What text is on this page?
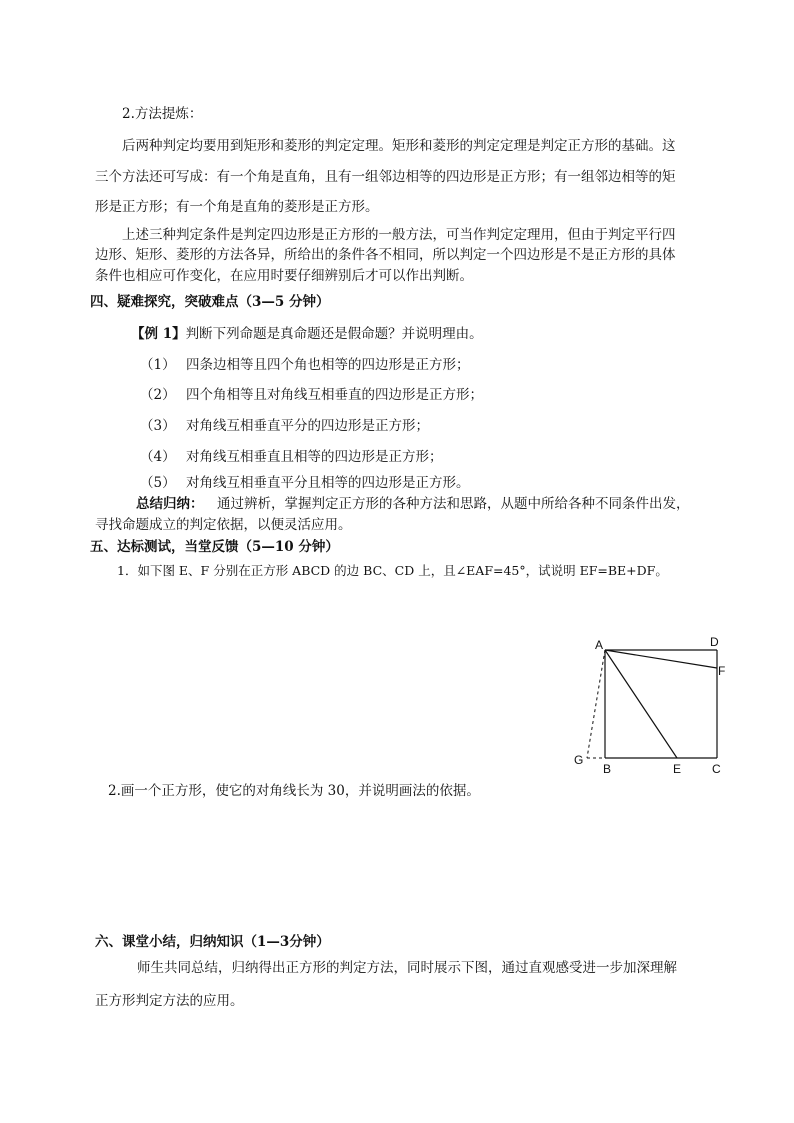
2.方法提炼：
后两种判定均要用到矩形和菱形的判定定理。矩形和菱形的判定定理是判定正方形的基础。这
三个方法还可写成：有一个角是直角，且有一组邻边相等的四边形是正方形；有一组邻边相等的矩
形是正方形；有一个角是直角的菱形是正方形。
上述三种判定条件是判定四边形是正方形的一般方法，可当作判定定理用，但由于判定平行四
边形、矩形、菱形的方法各异，所给出的条件各不相同，所以判定一个四边形是不是正方形的具体
条件也相应可作变化，在应用时要仔细辨别后才可以作出判断。
四、疑难探究，突破难点（3—5 分钟）
【例 1】判断下列命题是真命题还是假命题？并说明理由。
（1） 四条边相等且四个角也相等的四边形是正方形；
（2） 四个角相等且对角线互相垂直的四边形是正方形；
（3） 对角线互相垂直平分的四边形是正方形；
（4） 对角线互相垂直且相等的四边形是正方形；
（5） 对角线互相垂直平分且相等的四边形是正方形。
总结归纳：  通过辨析，掌握判定正方形的各种方法和思路，从题中所给各种不同条件出发，
寻找命题成立的判定依据，以便灵活应用。
五、达标测试，当堂反馈（5—10 分钟）
1．如下图 E、F 分别在正方形 ABCD 的边 BC、CD 上，且∠EAF=45°，试说明 EF=BE+DF。
A	D
F
G
B	E	C
2.画一个正方形，使它的对角线长为 30，并说明画法的依据。
六、课堂小结，归纳知识（1—3分钟）
师生共同总结，归纳得出正方形的判定方法，同时展示下图，通过直观感受进一步加深理解
正方形判定方法的应用。
